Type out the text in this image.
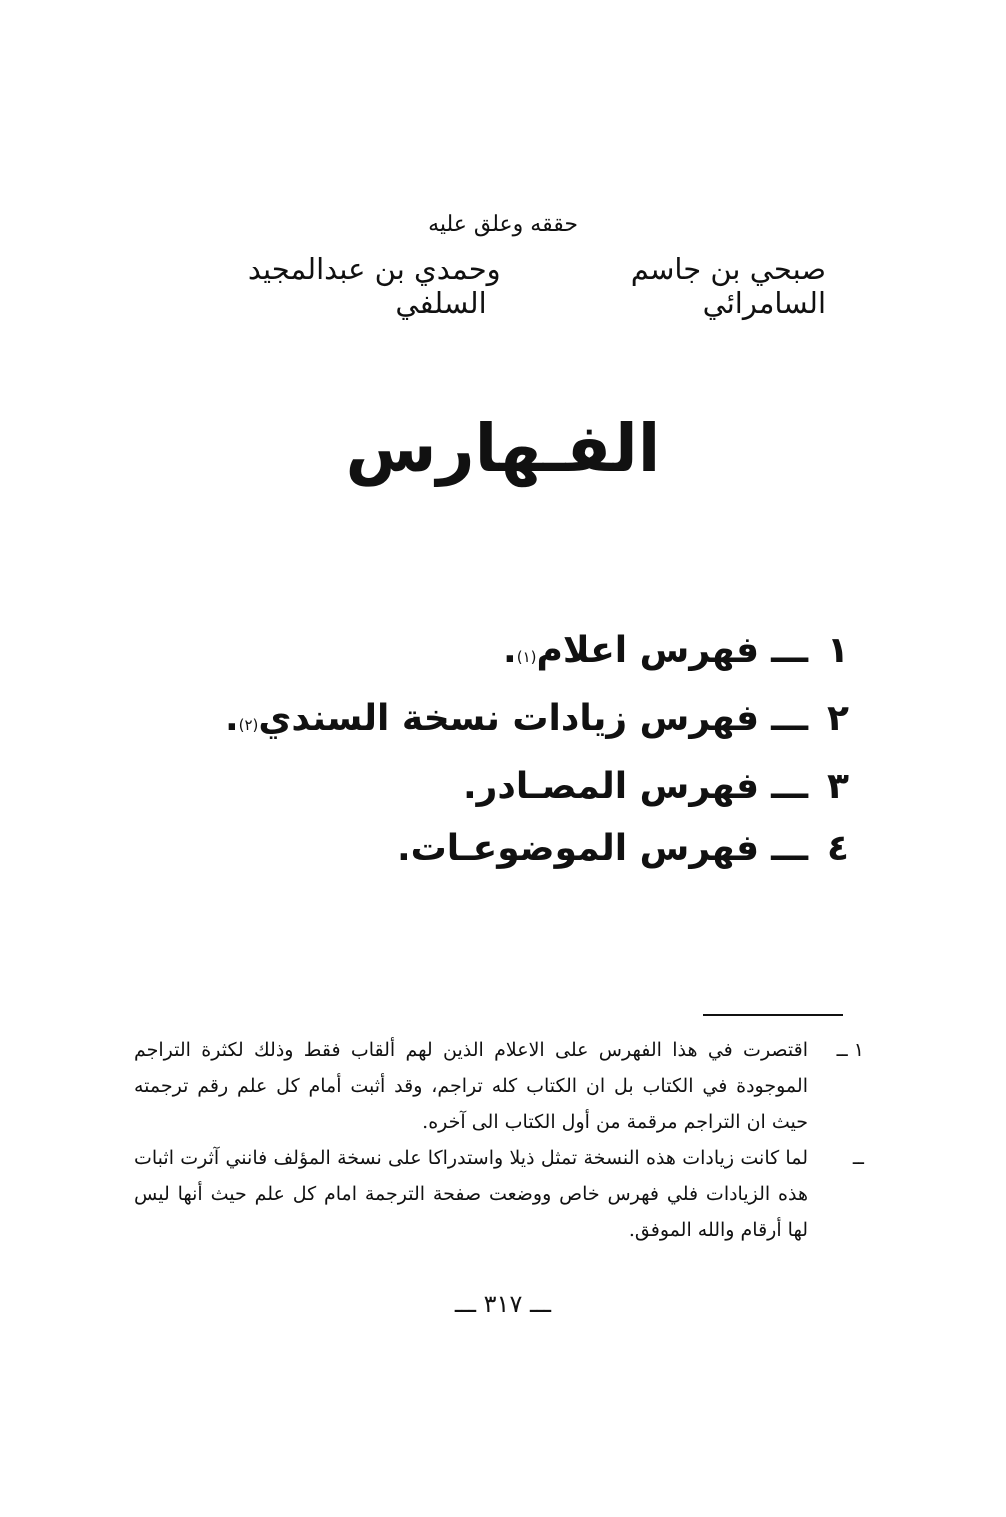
حققه وعلق عليه
صبحي بن جاسم السامرائي
و
حمدي بن عبدالمجيد السلفي
الفـهارس
١
ـــ
فهرس اعلام
(١)
.
٢
ـــ
فهرس زيادات نسخة السندي
(٢)
.
٣
ـــ
فهرس المصـادر
.
٤
ـــ
فهرس الموضوعـات
.
١ ــ
اقتصرت في هذا الفهرس على الاعلام الذين لهم ألقاب فقط وذلك لكثرة التراجم الموجودة في الكتاب بل ان الكتاب كله تراجم، وقد أثبت أمام كل علم رقم ترجمته حيث ان التراجم مرقمة من أول الكتاب الى آخره.
ــ
لما كانت زيادات هذه النسخة تمثل ذيلا واستدراكا على نسخة المؤلف فانني آثرت اثبات هذه الزيادات فلي فهرس خاص ووضعت صفحة الترجمة امام كل علم حيث أنها ليس لها أرقام والله الموفق.
ـــ ٣١٧ ـــ
